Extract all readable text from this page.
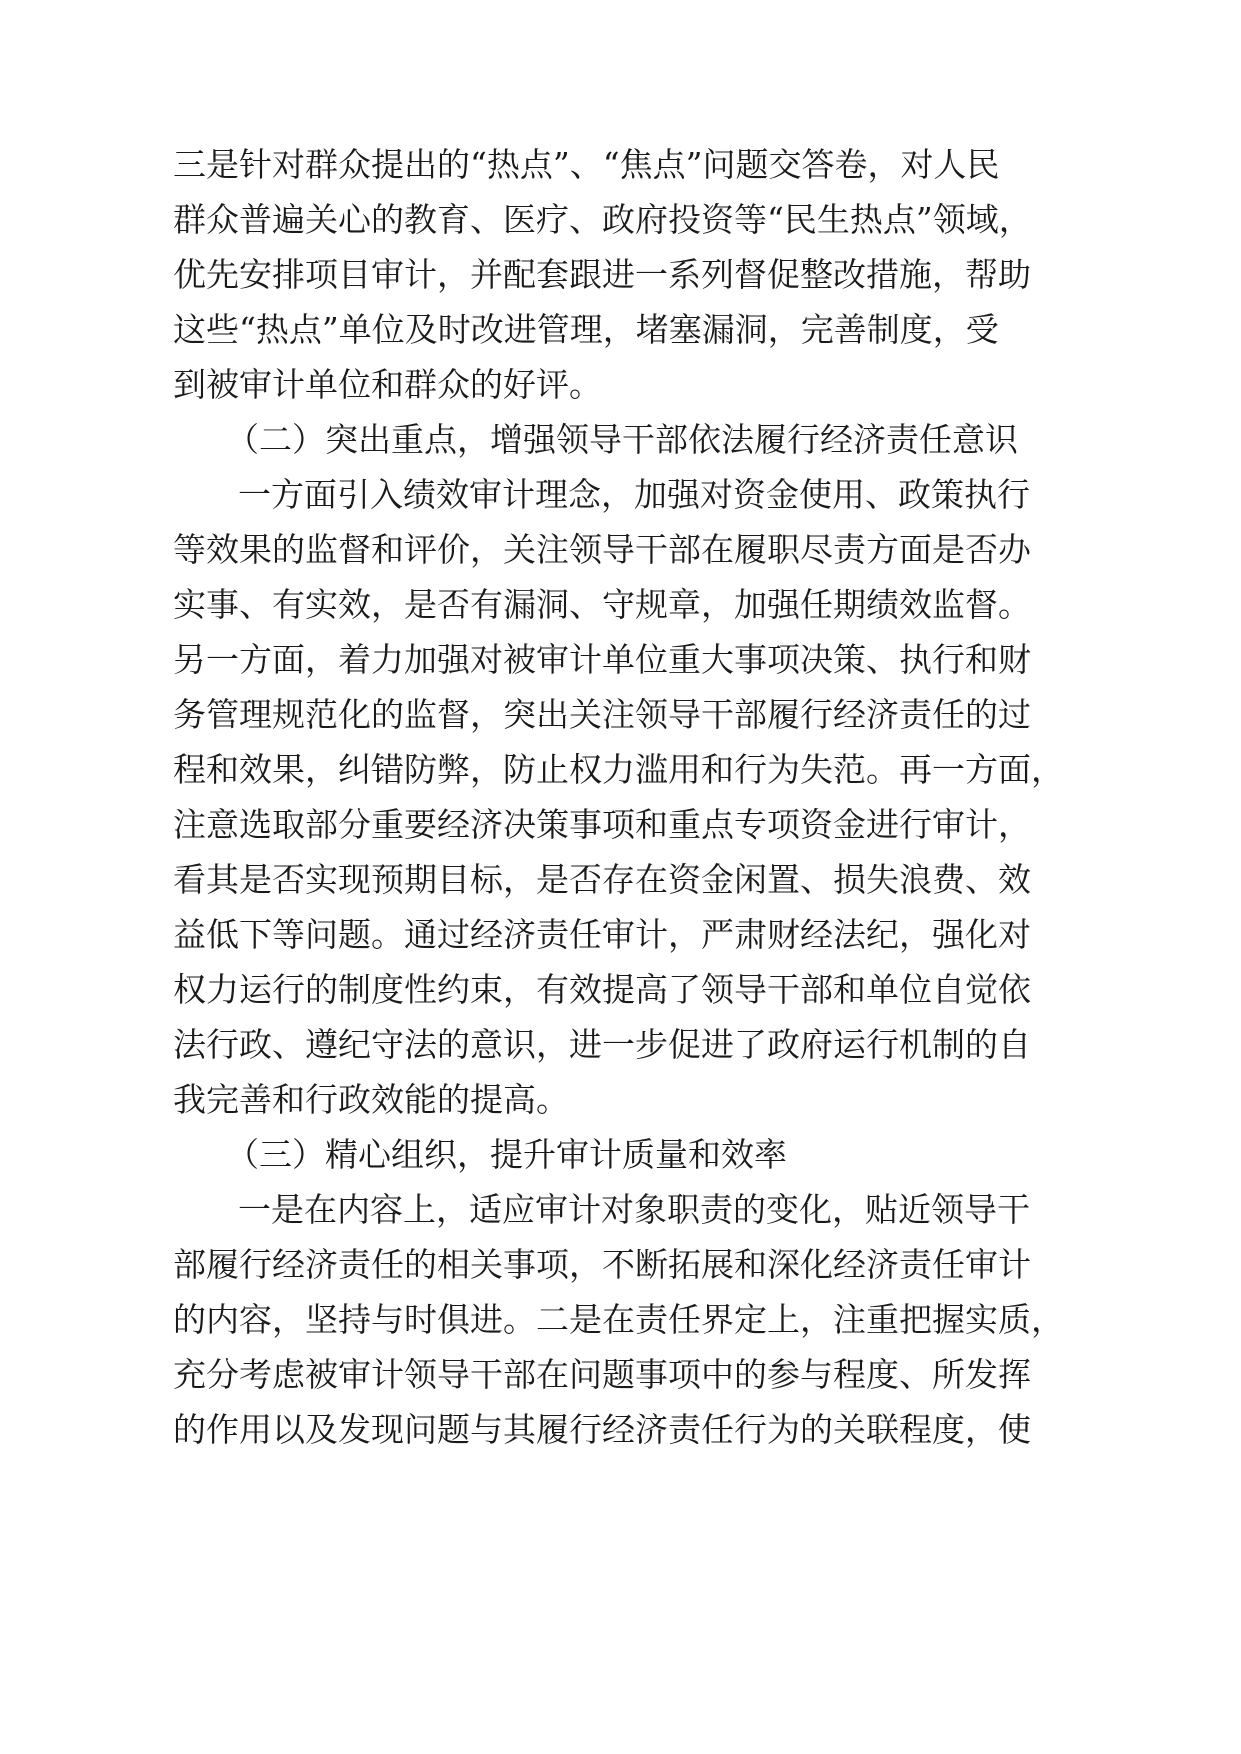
三是针对群众提出的“热点”、“焦点”问题交答卷，对人民
群众普遍关心的教育、医疗、政府投资等“民生热点”领域，
优先安排项目审计，并配套跟进一系列督促整改措施，帮助
这些“热点”单位及时改进管理，堵塞漏洞，完善制度，受
到被审计单位和群众的好评。
（二）突出重点，增强领导干部依法履行经济责任意识
一方面引入绩效审计理念，加强对资金使用、政策执行
等效果的监督和评价，关注领导干部在履职尽责方面是否办
实事、有实效，是否有漏洞、守规章，加强任期绩效监督。
另一方面，着力加强对被审计单位重大事项决策、执行和财
务管理规范化的监督，突出关注领导干部履行经济责任的过
程和效果，纠错防弊，防止权力滥用和行为失范。再一方面，
注意选取部分重要经济决策事项和重点专项资金进行审计，
看其是否实现预期目标，是否存在资金闲置、损失浪费、效
益低下等问题。通过经济责任审计，严肃财经法纪，强化对
权力运行的制度性约束，有效提高了领导干部和单位自觉依
法行政、遵纪守法的意识，进一步促进了政府运行机制的自
我完善和行政效能的提高。
（三）精心组织，提升审计质量和效率
一是在内容上，适应审计对象职责的变化，贴近领导干
部履行经济责任的相关事项，不断拓展和深化经济责任审计
的内容，坚持与时俱进。二是在责任界定上，注重把握实质，
充分考虑被审计领导干部在问题事项中的参与程度、所发挥
的作用以及发现问题与其履行经济责任行为的关联程度，使
